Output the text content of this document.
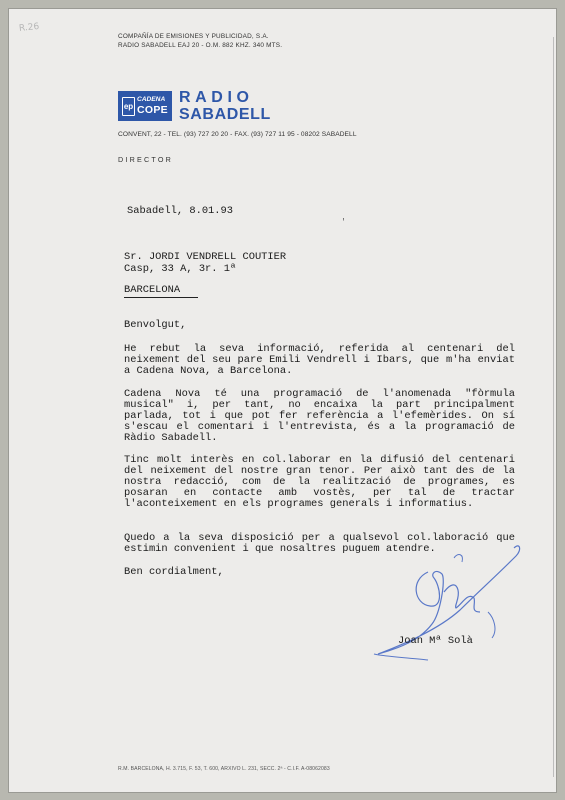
R.26
COMPAÑÍA DE EMISIONES Y PUBLICIDAD, S.A.
RADIO SABADELL EAJ 20 - O.M. 882 KHZ. 340 MTS.
ep
CADENA
COPE
RADIO
SABADELL
CONVENT, 22 - TEL. (93) 727 20 20 - FAX. (93) 727 11 95 - 08202 SABADELL
DIRECTOR
Sabadell, 8.01.93
'
Sr. JORDI VENDRELL COUTIER
Casp, 33 A, 3r. 1ª
BARCELONA
Benvolgut,
He rebut la seva informació, referida al centenari del neixement del seu pare Emili Vendrell i Ibars, que m'ha enviat a Cadena Nova, a Barcelona.
Cadena Nova té una programació de l'anomenada "fòrmula musical" i, per tant, no encaixa la part principalment parlada, tot i que pot fer referència a l'efemèrides. On sí s'escau el comentari i l'entrevista, és a la programació de Ràdio Sabadell.
Tinc molt interès en col.laborar en la difusió del centenari del neixement del nostre gran tenor. Per això tant des de la nostra redacció, com de la realització de programes, es posaran en contacte amb vostès, per tal de tractar l'aconteixement en els programes generals i informatius.
Quedo a la seva disposició per a qualsevol col.laboració que estimin convenient i que nosaltres puguem atendre.
Ben cordialment,
Joan Mª Solà
R.M. BARCELONA, H. 3.715, F. 53, T. 600, ARXIVO L. 231, SECC. 2ª - C.I.F. A-08062083
